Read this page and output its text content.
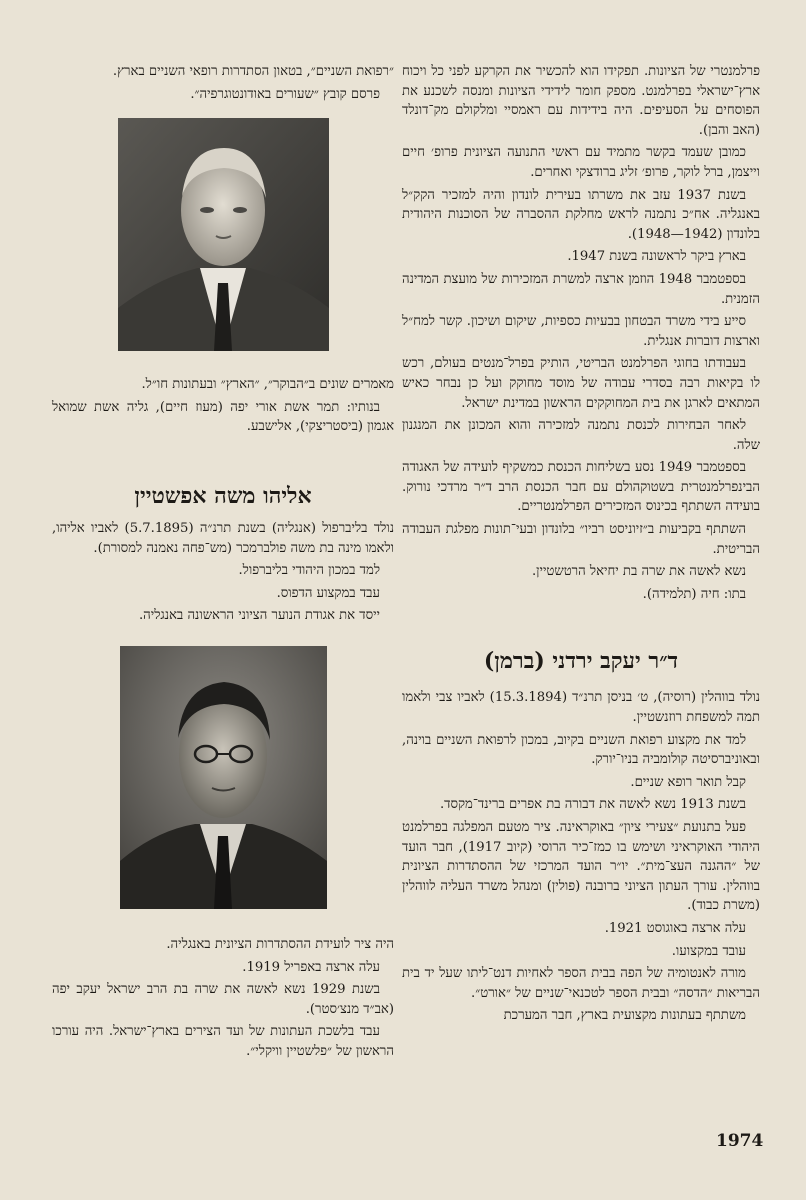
פרלמנטרי של הציונות. תפקידו הוא להכשיר את הקרקע לפני כל ויכוח ארץ־ישראלי בפרלמנט. מספק חומר לידידי הציונות ומנסה לשכנע את הפוסחים על הסעיפים. היה בידידות עם ראמסיי ומלקולם מק־דונלד (האב והבן).

כמובן שעמד בקשר מתמיד עם ראשי התנועה הציונית פרופ׳ חיים וייצמן, ברל לוקר, פרופ׳ זליג ברודצקי ואחרים.

בשנת 1937 עזב את משרתו בעירית לונדון והיה למזכיר הקק״ל באנגליה. אח״כ נתמנה לראש מחלקת ההסברה של הסוכנות היהודית בלונדון (1942—1948).

בארץ ביקר לראשונה בשנת 1947.

בספטמבר 1948 הוזמן ארצה למשרת המזכירות של מועצת המדינה הזמנית.

סייע בידי משרד הבטחון בבעיות כספיות, שיקום ושיכון. קשר למח״ל וארצות דוברות אנגלית.

בעבודתו בחוגי הפרלמנט הבריטי, הותיק בפרל־מנטים בעולם, רכש לו בקיאות רבה בסדרי עבודה של מוסד מחוקק ועל כן נבחר כאיש המתאים לארגן את בית המחוקקים הראשון במדינת ישראל.

לאחר הבחירות לכנסת נתמנה למזכירה והוא המכונן את המנגנון שלה.

בספטמבר 1949 נסע בשליחות הכנסת כמשקיף לועידה של האגודה הבינפרלמנטרית בשטוקהולם עם חבר הכנסת הרב ד״ר מרדכי נורוק. בועידה השתתף בכינוס המזכירים הפרלמנטריים.

השתתף בקביעות ב״זיוניסט רביו״ בלונדון ובעי־תונות מפלגת העבודה הבריטית.

נשא לאשה את שרה בת יחיאל הרטשטיין.

בתו: חיה (תלמידה).

ד״ר יעקב ירדני (ברמן)

נולד בווהלין (רוסיה), ט׳ בניסן תרנ״ד (15.3.1894) לאביו צבי ולאמו תמה למשפחת רוזנשטיין.

למד את מקצוע רפואת השניים בקיוב, במכון לרפואת השניים בוינה, ובאוניברסיטה קולומביה בניו־יורק.

קבל תואר רופא שניים.

בשנת 1913 נשא לאשה את דבורה בת אפרים ברינד־מקסד.

פעל בתנועת ״צעירי ציון״ באוקראינה. ציר מטעם המפלגה בפרלמנט היהודי האוקראיני ושימש בו כמז־כיר הרוסי (קיוב 1917), חבר הועד של ״ההגנה העצ־מית״. יו״ר הועד המרכזי של ההסתדרות הציונית בווהלין. עורך העתון הציוני ברובנה (פולין) ומנהל משרד העליה לווהלין (משרת כבוד).

עלה ארצה באוגוסט 1921.

עובד במקצועו.

מורה לאנטומיה של הפה בבית הספר לאחיות דנט־ליתו שעל יד בית הבריאות ״הדסה״ ובבית הספר לטכנאי־שניים של ״אורט״.

משתתף בעתונות מקצועית בארץ, חבר המערכת

״רפואת השניים״, בטאון הסתדרות רופאי השניים בארץ.

פרסם קובץ ״שעורים באודונטוגרפיה״.

מאמרים שונים ב״הבוקר״, ״הארץ״ ובעתונות חו״ל.

בנותיו: תמר אשת אורי יפה (מעוז חיים), גליה אשת שמואל אגמון (ביסטריצקי), אלישבע.

אליהו משה אפשטיין

נולד בליברפול (אנגליה) בשנת תרנ״ה (5.7.1895) לאביו אליהו, ולאמו מינה בת משה פולברמכר (מש־פחה נאמנה למסורת).

למד במכון היהודי בליברפול.

עבד במקצוע הדפוס.

ייסד את אגודת הנוער הציוני הראשונה באנגליה.

היה ציר לועידת ההסתדרות הציונית באנגליה.

עלה ארצה באפריל 1919.

בשנת 1929 נשא לאשה את שרה בת הרב ישראל יעקב יפה (אב״ד מנצ׳סטר).

עבד בלשכת העתונות של ועד הצירים בארץ־ישראל. היה עורכו הראשון של ״פלשטיין וויקלי״.

1974
